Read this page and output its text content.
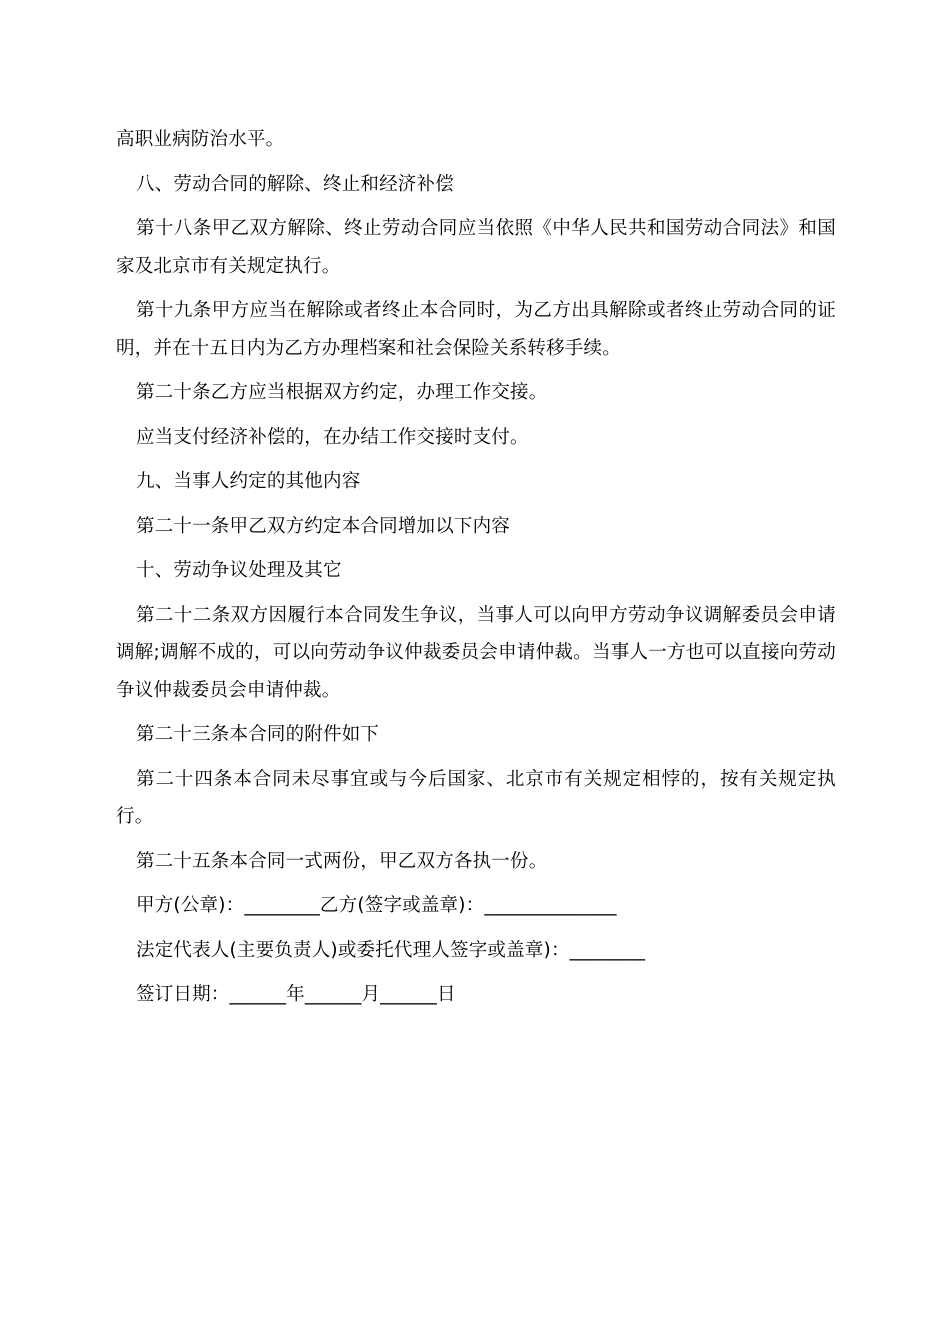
高职业病防治水平。

八、劳动合同的解除、终止和经济补偿

第十八条甲乙双方解除、终止劳动合同应当依照《中华人民共和国劳动合同法》和国家及北京市有关规定执行。

第十九条甲方应当在解除或者终止本合同时，为乙方出具解除或者终止劳动合同的证明，并在十五日内为乙方办理档案和社会保险关系转移手续。

第二十条乙方应当根据双方约定，办理工作交接。

应当支付经济补偿的，在办结工作交接时支付。

九、当事人约定的其他内容

第二十一条甲乙双方约定本合同增加以下内容

十、劳动争议处理及其它

第二十二条双方因履行本合同发生争议，当事人可以向甲方劳动争议调解委员会申请调解;调解不成的，可以向劳动争议仲裁委员会申请仲裁。当事人一方也可以直接向劳动争议仲裁委员会申请仲裁。

第二十三条本合同的附件如下

第二十四条本合同未尽事宜或与今后国家、北京市有关规定相悖的，按有关规定执行。

第二十五条本合同一式两份，甲乙双方各执一份。

甲方(公章)：________乙方(签字或盖章)：______________

法定代表人(主要负责人)或委托代理人签字或盖章)：________

签订日期：______年______月______日
